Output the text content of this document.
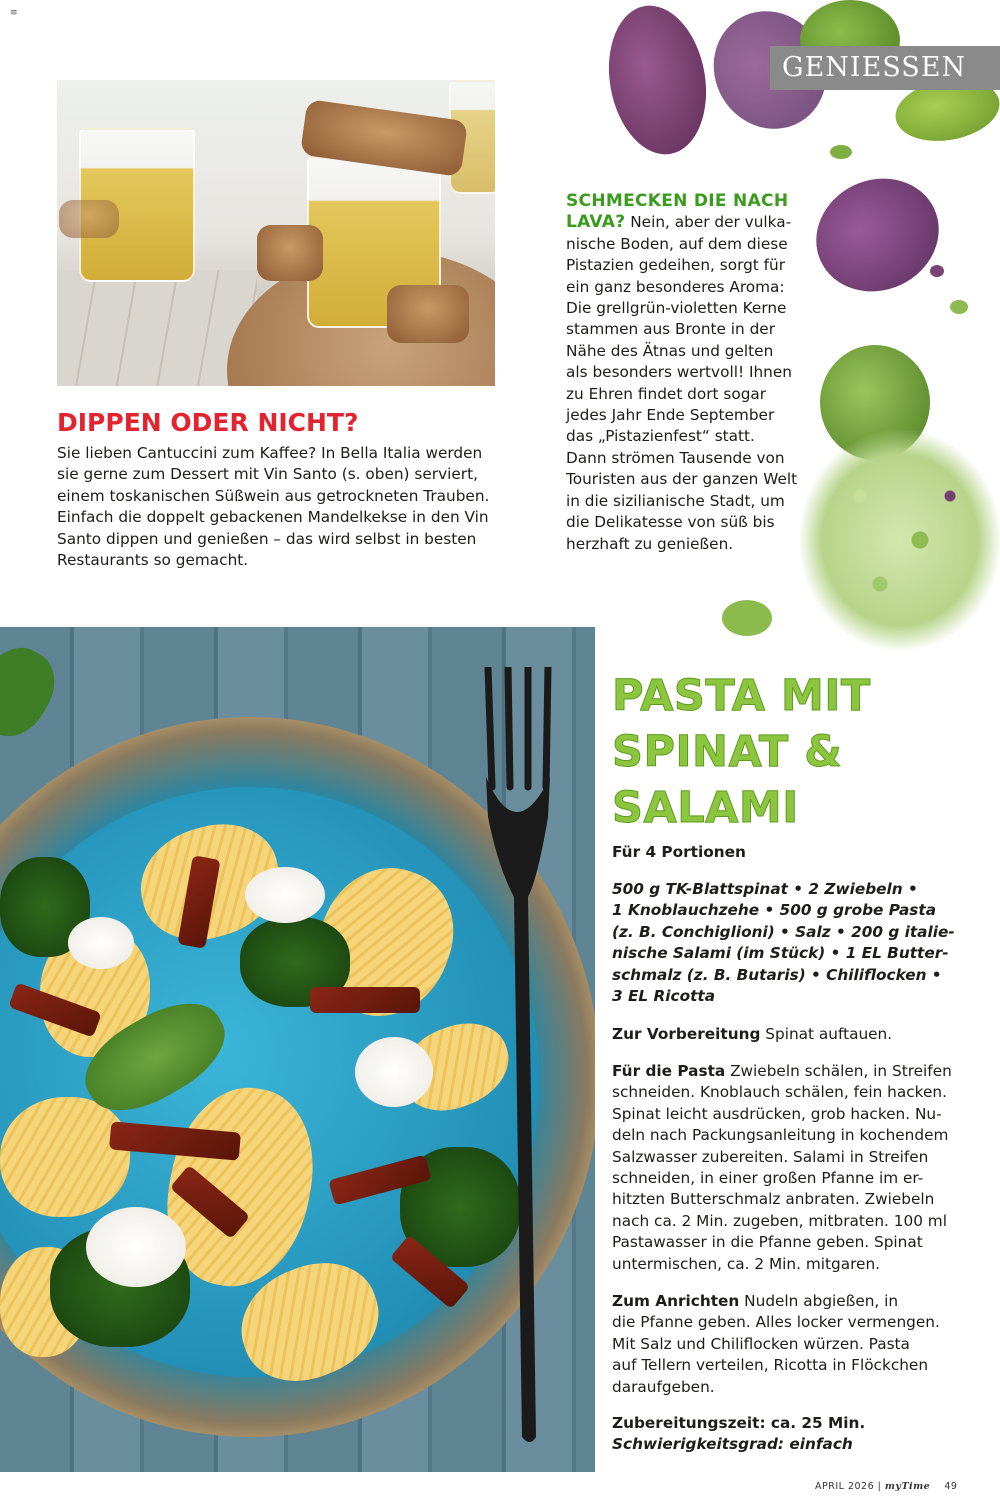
≡
GENIESSEN
DIPPEN ODER NICHT?

Sie lieben Cantuccini zum Kaffee? In Bella Italia werden

sie gerne zum Dessert mit Vin Santo (s. oben) serviert,

einem toskanischen Süßwein aus getrockneten Trauben.

Einfach die doppelt gebackenen Mandelkekse in den Vin

Santo dippen und genießen – das wird selbst in besten

Restaurants so gemacht.

SCHMECKEN DIE NACH

LAVA? Nein, aber der vulka-

nische Boden, auf dem diese

Pistazien gedeihen, sorgt für

ein ganz besonderes Aroma:

Die grellgrün-violetten Kerne

stammen aus Bronte in der

Nähe des Ätnas und gelten

als besonders wertvoll! Ihnen

zu Ehren findet dort sogar

jedes Jahr Ende September

das „Pistazienfest“ statt.

Dann strömen Tausende von

Touristen aus der ganzen Welt

in die sizilianische Stadt, um

die Delikatesse von süß bis

herzhaft zu genießen.

PASTA MIT
SPINAT &
SALAMI

Für 4 Portionen

500 g TK-Blattspinat • 2 Zwiebeln •

1 Knoblauchzehe • 500 g grobe Pasta

(z. B. Conchiglioni) • Salz • 200 g italie-

nische Salami (im Stück) • 1 EL Butter-

schmalz (z. B. Butaris) • Chiliflocken •

3 EL Ricotta

Zur Vorbereitung Spinat auftauen.

Für die Pasta Zwiebeln schälen, in Streifen

schneiden. Knoblauch schälen, fein hacken.

Spinat leicht ausdrücken, grob hacken. Nu-

deln nach Packungsanleitung in kochendem

Salzwasser zubereiten. Salami in Streifen

schneiden, in einer großen Pfanne im er-

hitzten Butterschmalz anbraten. Zwiebeln

nach ca. 2 Min. zugeben, mitbraten. 100 ml

Pastawasser in die Pfanne geben. Spinat

untermischen, ca. 2 Min. mitgaren.

Zum Anrichten Nudeln abgießen, in

die Pfanne geben. Alles locker vermengen.

Mit Salz und Chiliflocken würzen. Pasta

auf Tellern verteilen, Ricotta in Flöckchen

daraufgeben.

Zubereitungszeit: ca. 25 Min.

Schwierigkeitsgrad: einfach

APRIL 2026 | myTime 49
